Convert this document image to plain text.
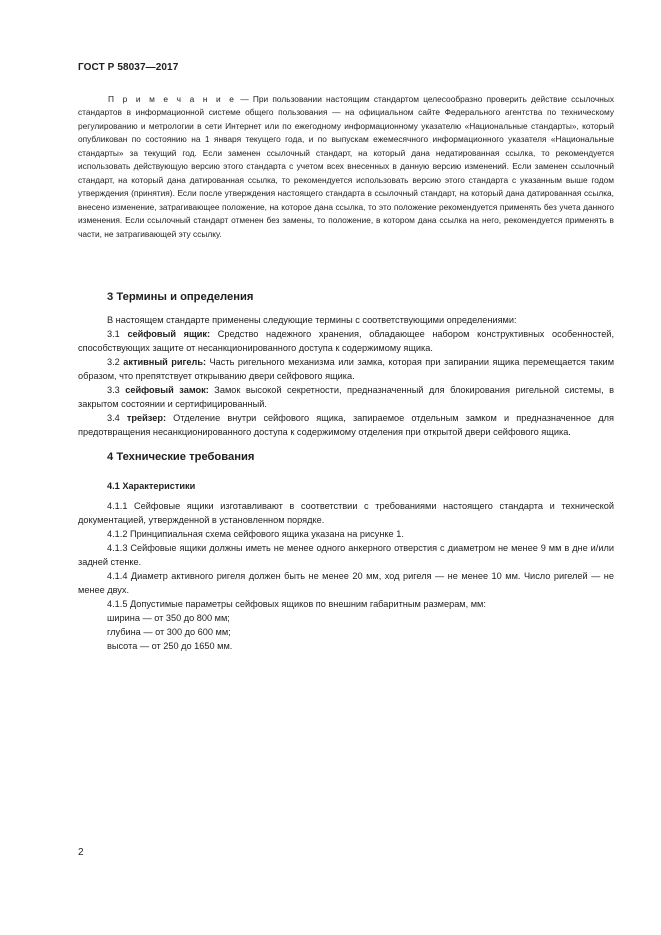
ГОСТ Р 58037—2017

П р и м е ч а н и е — При пользовании настоящим стандартом целесообразно проверить действие ссылочных стандартов в информационной системе общего пользования — на официальном сайте Федерального агентства по техническому регулированию и метрологии в сети Интернет или по ежегодному информационному указателю «Национальные стандарты», который опубликован по состоянию на 1 января текущего года, и по выпускам ежемесячного информационного указателя «Национальные стандарты» за текущий год. Если заменен ссылочный стандарт, на который дана недатированная ссылка, то рекомендуется использовать действующую версию этого стандарта с учетом всех внесенных в данную версию изменений. Если заменен ссылочный стандарт, на который дана датированная ссылка, то рекомендуется использовать версию этого стандарта с указанным выше годом утверждения (принятия). Если после утверждения настоящего стандарта в ссылочный стандарт, на который дана датированная ссылка, внесено изменение, затрагивающее положение, на которое дана ссылка, то это положение рекомендуется применять без учета данного изменения. Если ссылочный стандарт отменен без замены, то положение, в котором дана ссылка на него, рекомендуется применять в части, не затрагивающей эту ссылку.

3 Термины и определения

В настоящем стандарте применены следующие термины с соответствующими определениями:

3.1 сейфовый ящик: Средство надежного хранения, обладающее набором конструктивных особенностей, способствующих защите от несанкционированного доступа к содержимому ящика.

3.2 активный ригель: Часть ригельного механизма или замка, которая при запирании ящика перемещается таким образом, что препятствует открыванию двери сейфового ящика.

3.3 сейфовый замок: Замок высокой секретности, предназначенный для блокирования ригельной системы, в закрытом состоянии и сертифицированный.

3.4 трейзер: Отделение внутри сейфового ящика, запираемое отдельным замком и предназначенное для предотвращения несанкционированного доступа к содержимому отделения при открытой двери сейфового ящика.

4 Технические требования
4.1 Характеристики

4.1.1 Сейфовые ящики изготавливают в соответствии с требованиями настоящего стандарта и технической документацией, утвержденной в установленном порядке.

4.1.2 Принципиальная схема сейфового ящика указана на рисунке 1.

4.1.3 Сейфовые ящики должны иметь не менее одного анкерного отверстия с диаметром не менее 9 мм в дне и/или задней стенке.

4.1.4 Диаметр активного ригеля должен быть не менее 20 мм, ход ригеля — не менее 10 мм. Число ригелей — не менее двух.

4.1.5 Допустимые параметры сейфовых ящиков по внешним габаритным размерам, мм:

ширина — от 350 до 800 мм;

глубина — от 300 до 600 мм;

высота — от 250 до 1650 мм.

2
